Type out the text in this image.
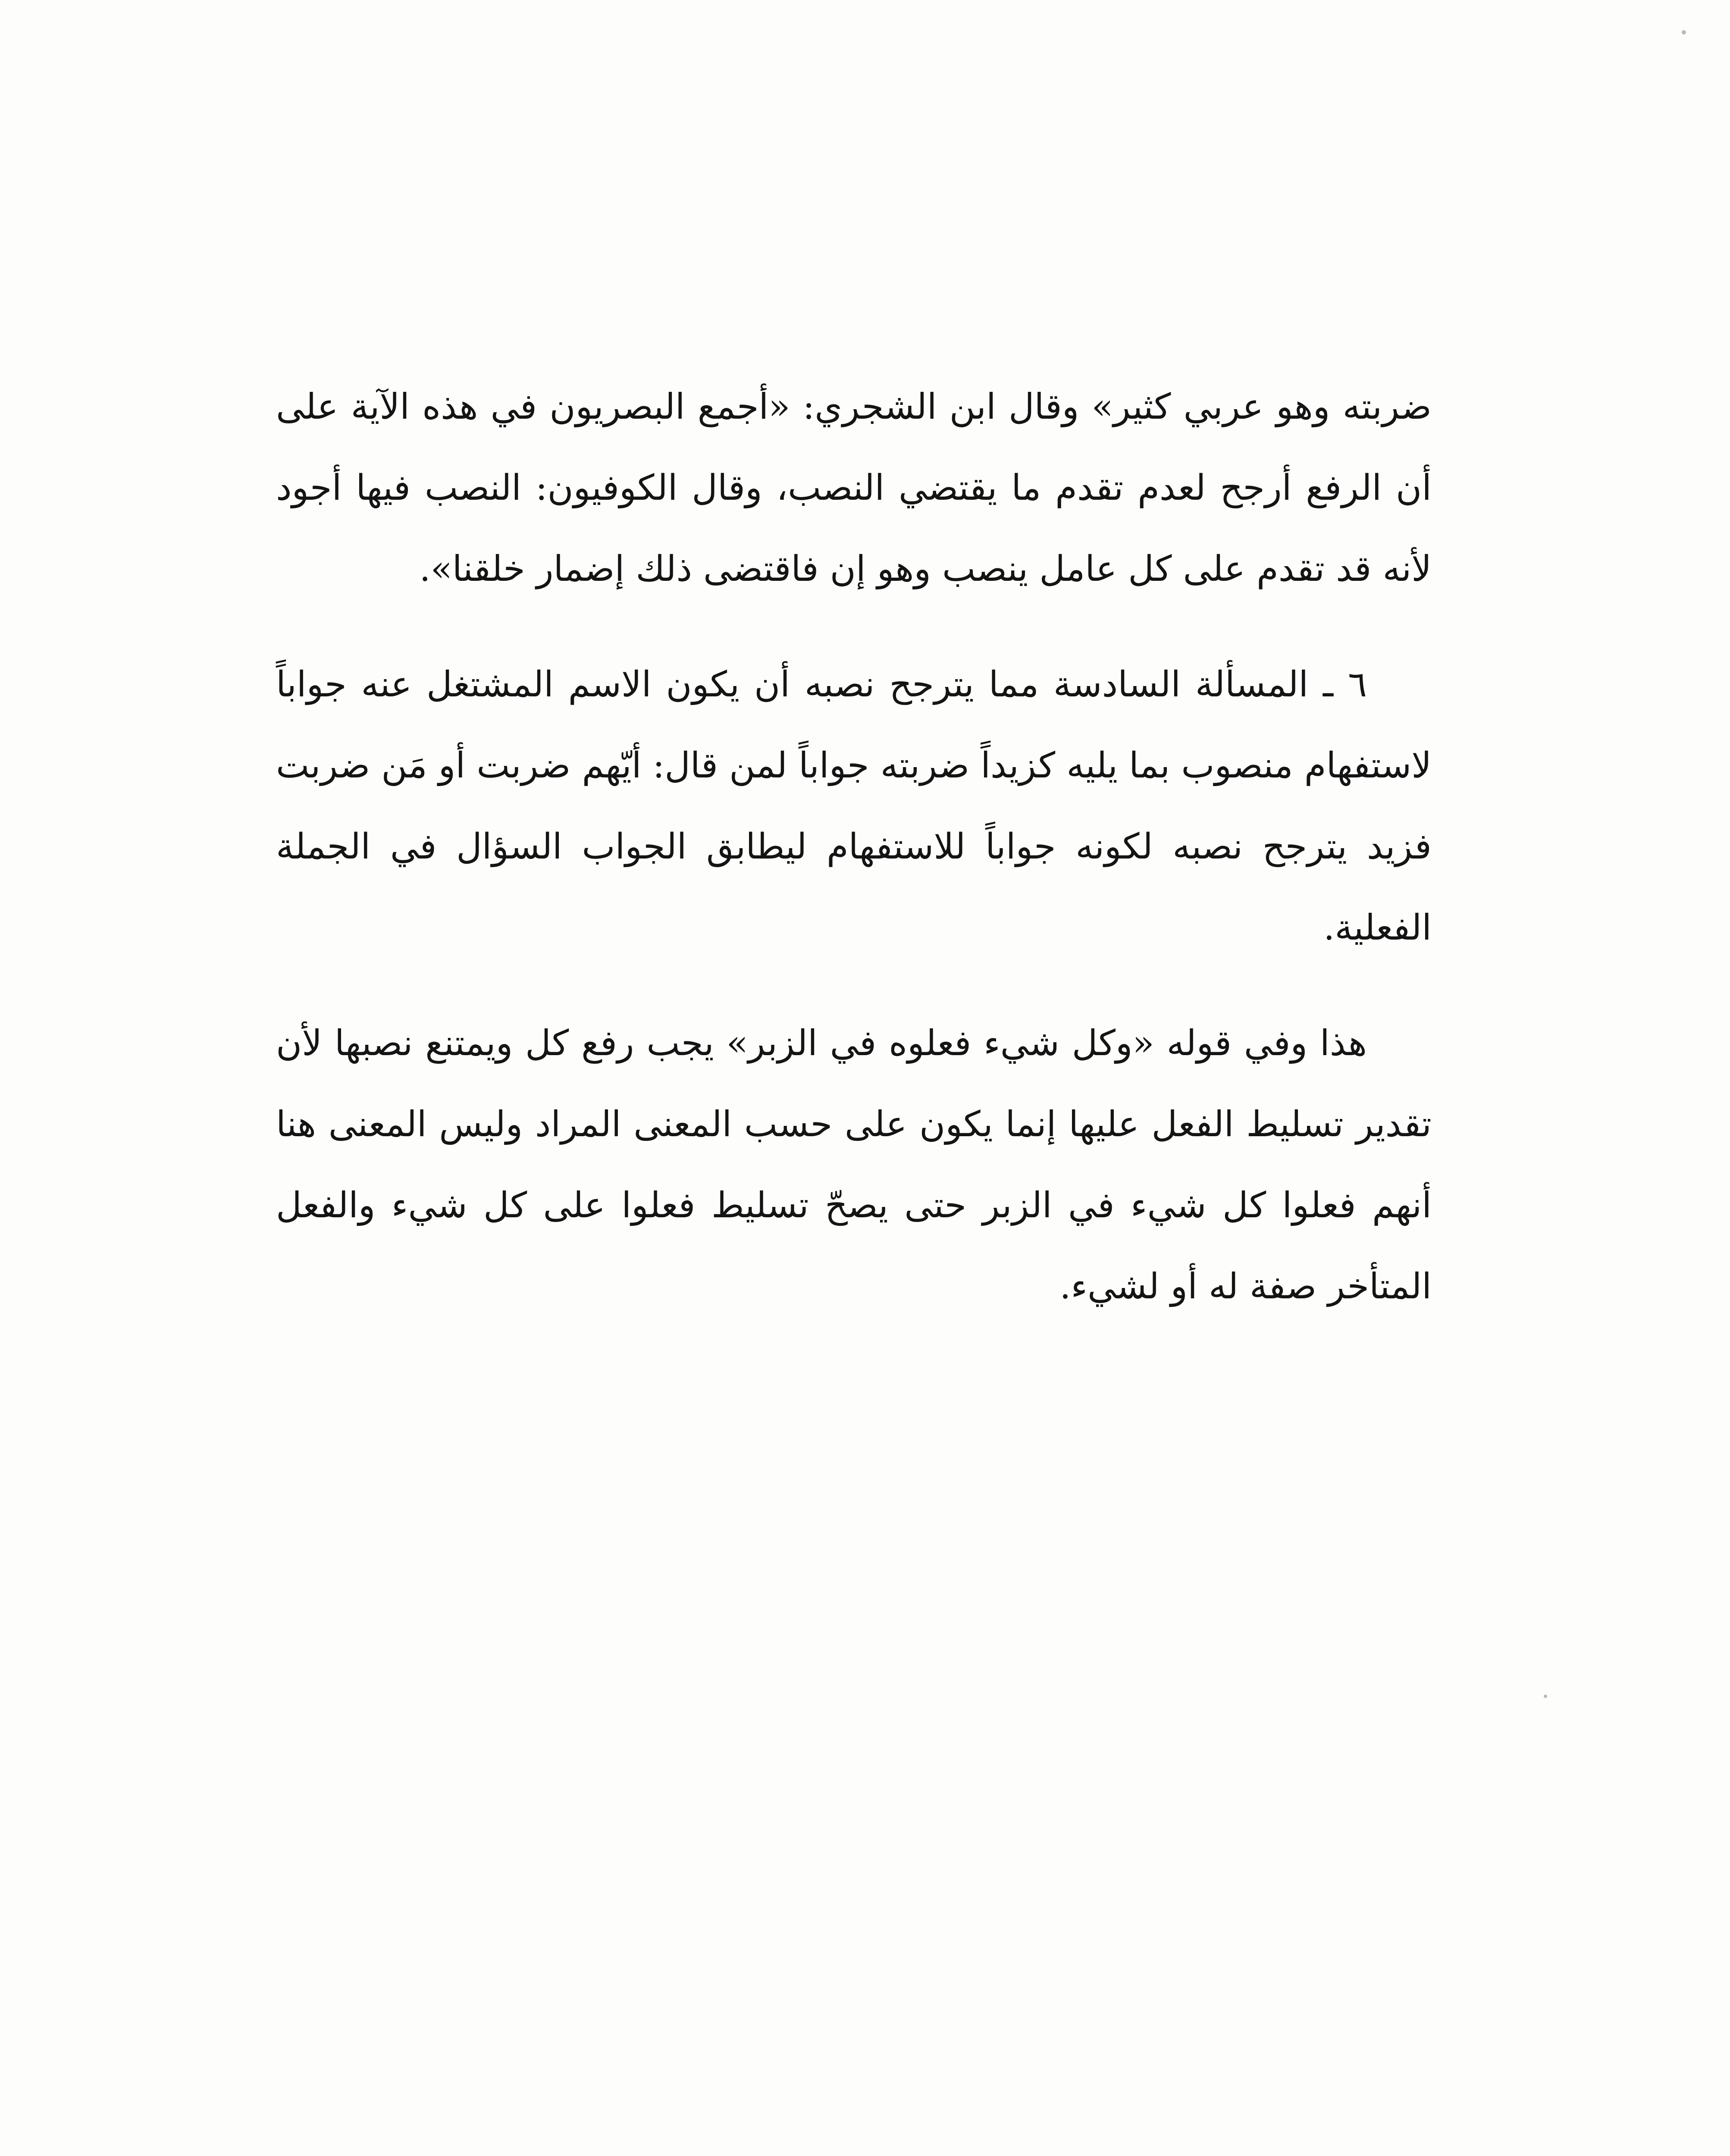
ضربته وهو عربي كثير» وقال ابن الشجري: «أجمع البصريون في هذه الآية على أن الرفع أرجح لعدم تقدم ما يقتضي النصب، وقال الكوفيون: النصب فيها أجود لأنه قد تقدم على كل عامل ينصب وهو إن فاقتضى ذلك إضمار خلقنا».

٦ ـ المسألة السادسة مما يترجح نصبه أن يكون الاسم المشتغل عنه جواباً لاستفهام منصوب بما يليه كزيداً ضربته جواباً لمن قال: أيّهم ضربت أو مَن ضربت فزيد يترجح نصبه لكونه جواباً للاستفهام ليطابق الجواب السؤال في الجملة الفعلية.

هذا وفي قوله «وكل شيء فعلوه في الزبر» يجب رفع كل ويمتنع نصبها لأن تقدير تسليط الفعل عليها إنما يكون على حسب المعنى المراد وليس المعنى هنا أنهم فعلوا كل شيء في الزبر حتى يصحّ تسليط فعلوا على كل شيء والفعل المتأخر صفة له أو لشيء.
